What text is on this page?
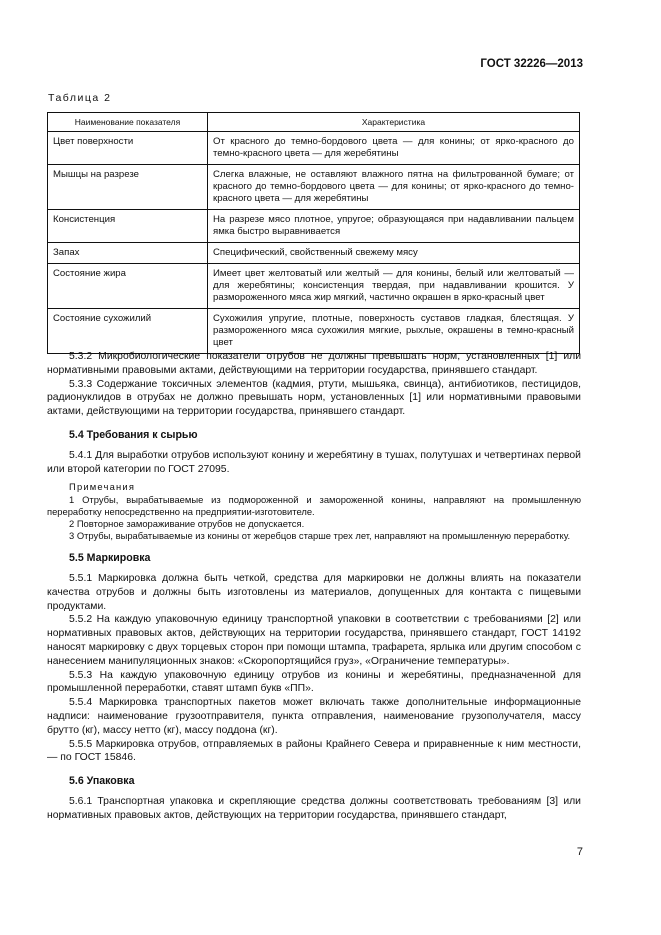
ГОСТ 32226—2013
Таблица 2
Наименование показателя	Характеристика
Цвет поверхности	От красного до темно-бордового цвета — для конины; от ярко-красного до темно-красного цвета — для жеребятины
Мышцы на разрезе	Слегка влажные, не оставляют влажного пятна на фильтрованной бумаге; от красного до темно-бордового цвета — для конины; от ярко-красного до темно-красного цвета — для жеребятины
Консистенция	На разрезе мясо плотное, упругое; образующаяся при надавливании пальцем ямка быстро выравнивается
Запах	Специфический, свойственный свежему мясу
Состояние жира	Имеет цвет желтоватый или желтый — для конины, белый или желтоватый — для жеребятины; консистенция твердая, при надавливании крошится. У размороженного мяса жир мягкий, частично окрашен в ярко-красный цвет
Состояние сухожилий	Сухожилия упругие, плотные, поверхность суставов гладкая, блестящая. У размороженного мяса сухожилия мягкие, рыхлые, окрашены в темно-красный цвет

5.3.2 Микробиологические показатели отрубов не должны превышать норм, установленных [1] или нормативными правовыми актами, действующими на территории государства, принявшего стандарт.

5.3.3 Содержание токсичных элементов (кадмия, ртути, мышьяка, свинца), антибиотиков, пестицидов, радионуклидов в отрубах не должно превышать норм, установленных [1] или нормативными правовыми актами, действующими на территории государства, принявшего стандарт.

5.4 Требования к сырью

5.4.1 Для выработки отрубов используют конину и жеребятину в тушах, полутушах и четвертинах первой или второй категории по ГОСТ 27095.

Примечания

1 Отрубы, вырабатываемые из подмороженной и замороженной конины, направляют на промышленную переработку непосредственно на предприятии-изготовителе.

2 Повторное замораживание отрубов не допускается.

3 Отрубы, вырабатываемые из конины от жеребцов старше трех лет, направляют на промышленную переработку.

5.5 Маркировка

5.5.1 Маркировка должна быть четкой, средства для маркировки не должны влиять на показатели качества отрубов и должны быть изготовлены из материалов, допущенных для контакта с пищевыми продуктами.

5.5.2 На каждую упаковочную единицу транспортной упаковки в соответствии с требованиями [2] или нормативных правовых актов, действующих на территории государства, принявшего стандарт, ГОСТ 14192 наносят маркировку с двух торцевых сторон при помощи штампа, трафарета, ярлыка или другим способом с нанесением манипуляционных знаков: «Скоропортящийся груз», «Ограничение температуры».

5.5.3 На каждую упаковочную единицу отрубов из конины и жеребятины, предназначенной для промышленной переработки, ставят штамп букв «ПП».

5.5.4 Маркировка транспортных пакетов может включать также дополнительные информационные надписи: наименование грузоотправителя, пункта отправления, наименование грузополучателя, массу брутто (кг), массу нетто (кг), массу поддона (кг).

5.5.5 Маркировка отрубов, отправляемых в районы Крайнего Севера и приравненные к ним местности, — по ГОСТ 15846.

5.6 Упаковка

5.6.1 Транспортная упаковка и скрепляющие средства должны соответствовать требованиям [3] или нормативных правовых актов, действующих на территории государства, принявшего стандарт,

7
